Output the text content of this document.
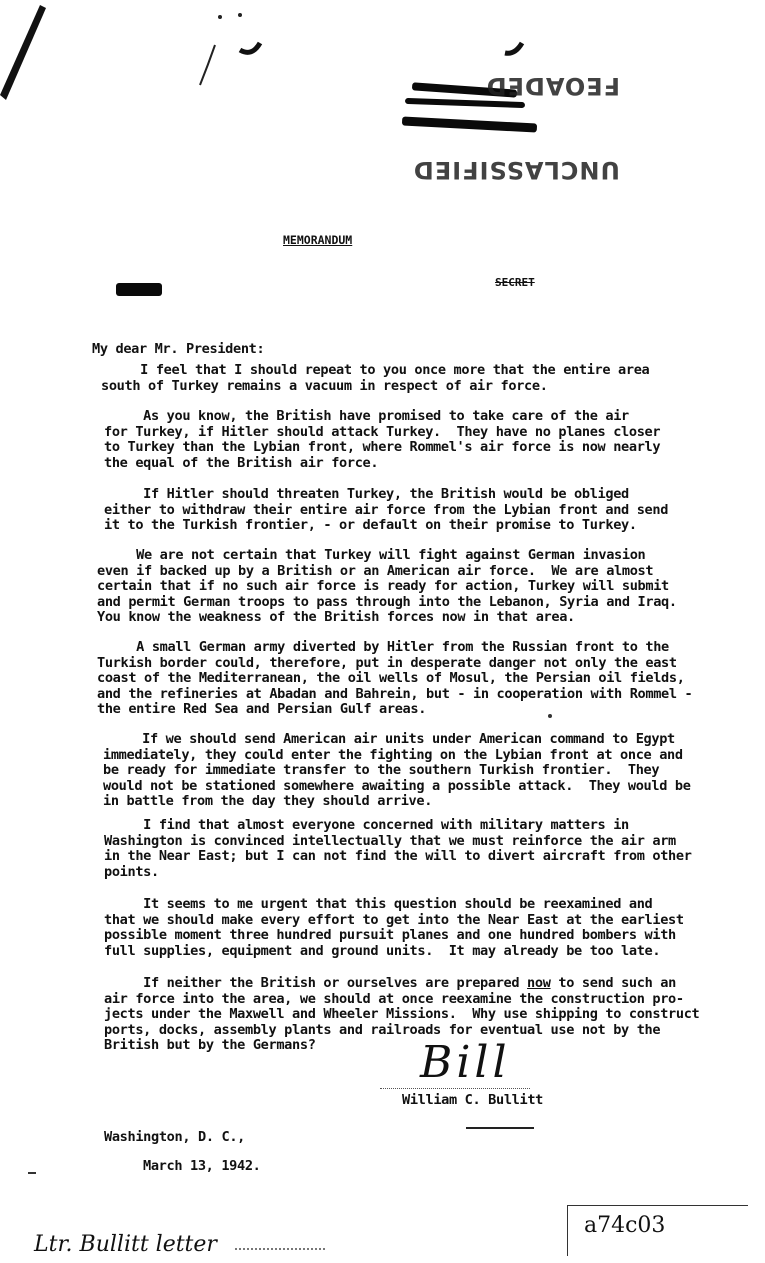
UNCLASSIFIED

FEOADED

MEMORANDUM
SECRET
My dear Mr. President:
I feel that I should repeat to you once more that the entire area
south of Turkey remains a vacuum in respect of air force.
As you know, the British have promised to take care of the air
for Turkey, if Hitler should attack Turkey.  They have no planes closer
to Turkey than the Lybian front, where Rommel's air force is now nearly
the equal of the British air force.
If Hitler should threaten Turkey, the British would be obliged
either to withdraw their entire air force from the Lybian front and send
it to the Turkish frontier, - or default on their promise to Turkey.
We are not certain that Turkey will fight against German invasion
even if backed up by a British or an American air force.  We are almost
certain that if no such air force is ready for action, Turkey will submit
and permit German troops to pass through into the Lebanon, Syria and Iraq.
You know the weakness of the British forces now in that area.
A small German army diverted by Hitler from the Russian front to the
Turkish border could, therefore, put in desperate danger not only the east
coast of the Mediterranean, the oil wells of Mosul, the Persian oil fields,
and the refineries at Abadan and Bahrein, but - in cooperation with Rommel -
the entire Red Sea and Persian Gulf areas.
If we should send American air units under American command to Egypt
immediately, they could enter the fighting on the Lybian front at once and
be ready for immediate transfer to the southern Turkish frontier.  They
would not be stationed somewhere awaiting a possible attack.  They would be
in battle from the day they should arrive.
I find that almost everyone concerned with military matters in
Washington is convinced intellectually that we must reinforce the air arm
in the Near East; but I can not find the will to divert aircraft from other
points.
It seems to me urgent that this question should be reexamined and
that we should make every effort to get into the Near East at the earliest
possible moment three hundred pursuit planes and one hundred bombers with
full supplies, equipment and ground units.  It may already be too late.
If neither the British or ourselves are prepared now to send such an
air force into the area, we should at once reexamine the construction pro-
jects under the Maxwell and Wheeler Missions.  Why use shipping to construct
ports, docks, assembly plants and railroads for eventual use not by the
British but by the Germans?	Bill
William C. Bullitt
Washington, D. C.,
March 13, 1942.
a74c03
Ltr. Bullitt letter
